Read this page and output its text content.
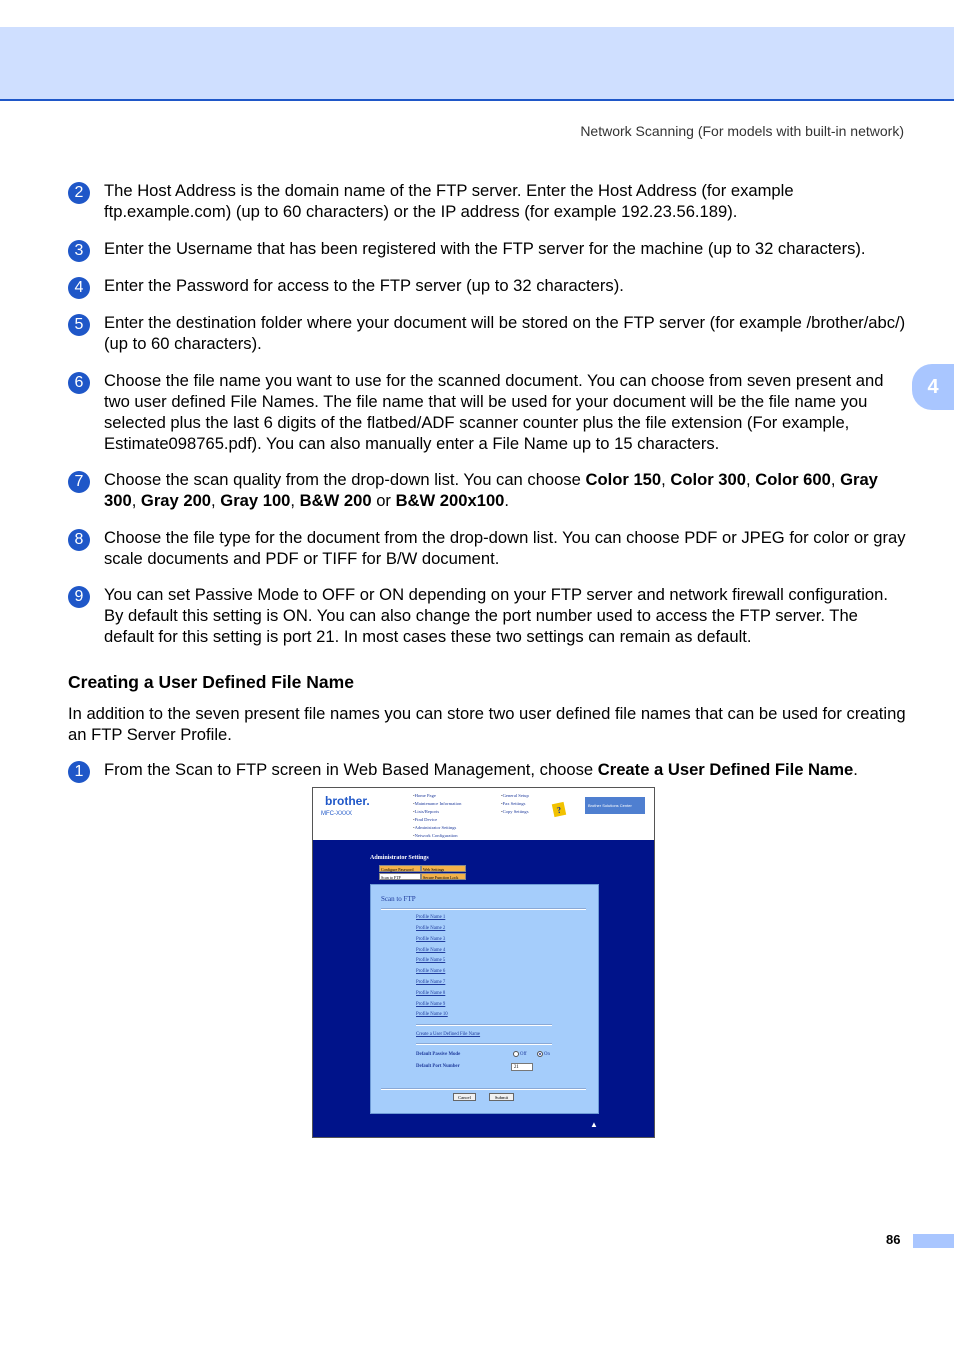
Network Scanning (For models with built-in network)
4
2	The Host Address is the domain name of the FTP server. Enter the Host Address (for example ftp.example.com) (up to 60 characters) or the IP address (for example 192.23.56.189).
3	Enter the Username that has been registered with the FTP server for the machine (up to 32 characters).
4	Enter the Password for access to the FTP server (up to 32 characters).
5	Enter the destination folder where your document will be stored on the FTP server (for example /brother/abc/) (up to 60 characters).
6	Choose the file name you want to use for the scanned document. You can choose from seven present and two user defined File Names. The file name that will be used for your document will be the file name you selected plus the last 6 digits of the flatbed/ADF scanner counter plus the file extension (For example, Estimate098765.pdf). You can also manually enter a File Name up to 15 characters.
7	Choose the scan quality from the drop-down list. You can choose Color 150, Color 300, Color 600, Gray 300, Gray 200, Gray 100, B&W 200 or B&W 200x100.
8	Choose the file type for the document from the drop-down list. You can choose PDF or JPEG for color or gray scale documents and PDF or TIFF for B/W document.
9	You can set Passive Mode to OFF or ON depending on your FTP server and network firewall configuration. By default this setting is ON. You can also change the port number used to access the FTP server. The default for this setting is port 21. In most cases these two settings can remain as default.
Creating a User Defined File Name
In addition to the seven present file names you can store two user defined file names that can be used for creating an FTP Server Profile.
1	From the Scan to FTP screen in Web Based Management, choose Create a User Defined File Name.
brother.
MFC-XXXX
• Home Page
• Maintenance Information
• Lists/Reports
• Find Device
• Administrator Settings
• Network Configuration
• General Setup
• Fax Settings
• Copy Settings	?	Brother Solutions Center
Administrator Settings
Configure Password	Web Settings
Scan to FTP	Secure Function Lock
Scan to FTP
Profile Name 1
Profile Name 2
Profile Name 3
Profile Name 4
Profile Name 5
Profile Name 6
Profile Name 7
Profile Name 8
Profile Name 9
Profile Name 10
Create a User Defined File Name
Default Passive Mode	Off	On
Default Port Number	21
Cancel	Submit
▲
86
